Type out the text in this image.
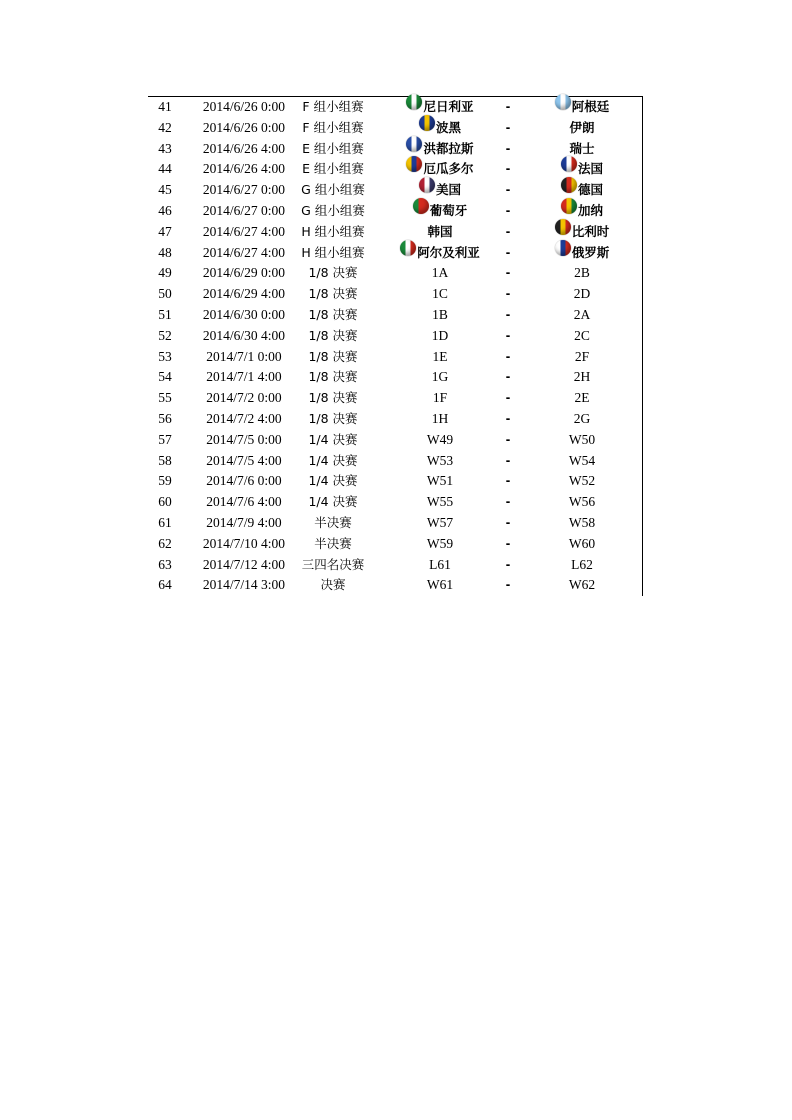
41	2014/6/26 0:00	F 组小组赛	尼日利亚	-	阿根廷
42	2014/6/26 0:00	F 组小组赛	波黑	-	伊朗
43	2014/6/26 4:00	E 组小组赛	洪都拉斯	-	瑞士
44	2014/6/26 4:00	E 组小组赛	厄瓜多尔	-	法国
45	2014/6/27 0:00	G 组小组赛	美国	-	德国
46	2014/6/27 0:00	G 组小组赛	葡萄牙	-	加纳
47	2014/6/27 4:00	H 组小组赛	韩国	-	比利时
48	2014/6/27 4:00	H 组小组赛	阿尔及利亚	-	俄罗斯
49	2014/6/29 0:00	1/8 决赛	1A	-	2B
50	2014/6/29 4:00	1/8 决赛	1C	-	2D
51	2014/6/30 0:00	1/8 决赛	1B	-	2A
52	2014/6/30 4:00	1/8 决赛	1D	-	2C
53	2014/7/1 0:00	1/8 决赛	1E	-	2F
54	2014/7/1 4:00	1/8 决赛	1G	-	2H
55	2014/7/2 0:00	1/8 决赛	1F	-	2E
56	2014/7/2 4:00	1/8 决赛	1H	-	2G
57	2014/7/5 0:00	1/4 决赛	W49	-	W50
58	2014/7/5 4:00	1/4 决赛	W53	-	W54
59	2014/7/6 0:00	1/4 决赛	W51	-	W52
60	2014/7/6 4:00	1/4 决赛	W55	-	W56
61	2014/7/9 4:00	半决赛	W57	-	W58
62	2014/7/10 4:00	半决赛	W59	-	W60
63	2014/7/12 4:00	三四名决赛	L61	-	L62
64	2014/7/14 3:00	决赛	W61	-	W62
